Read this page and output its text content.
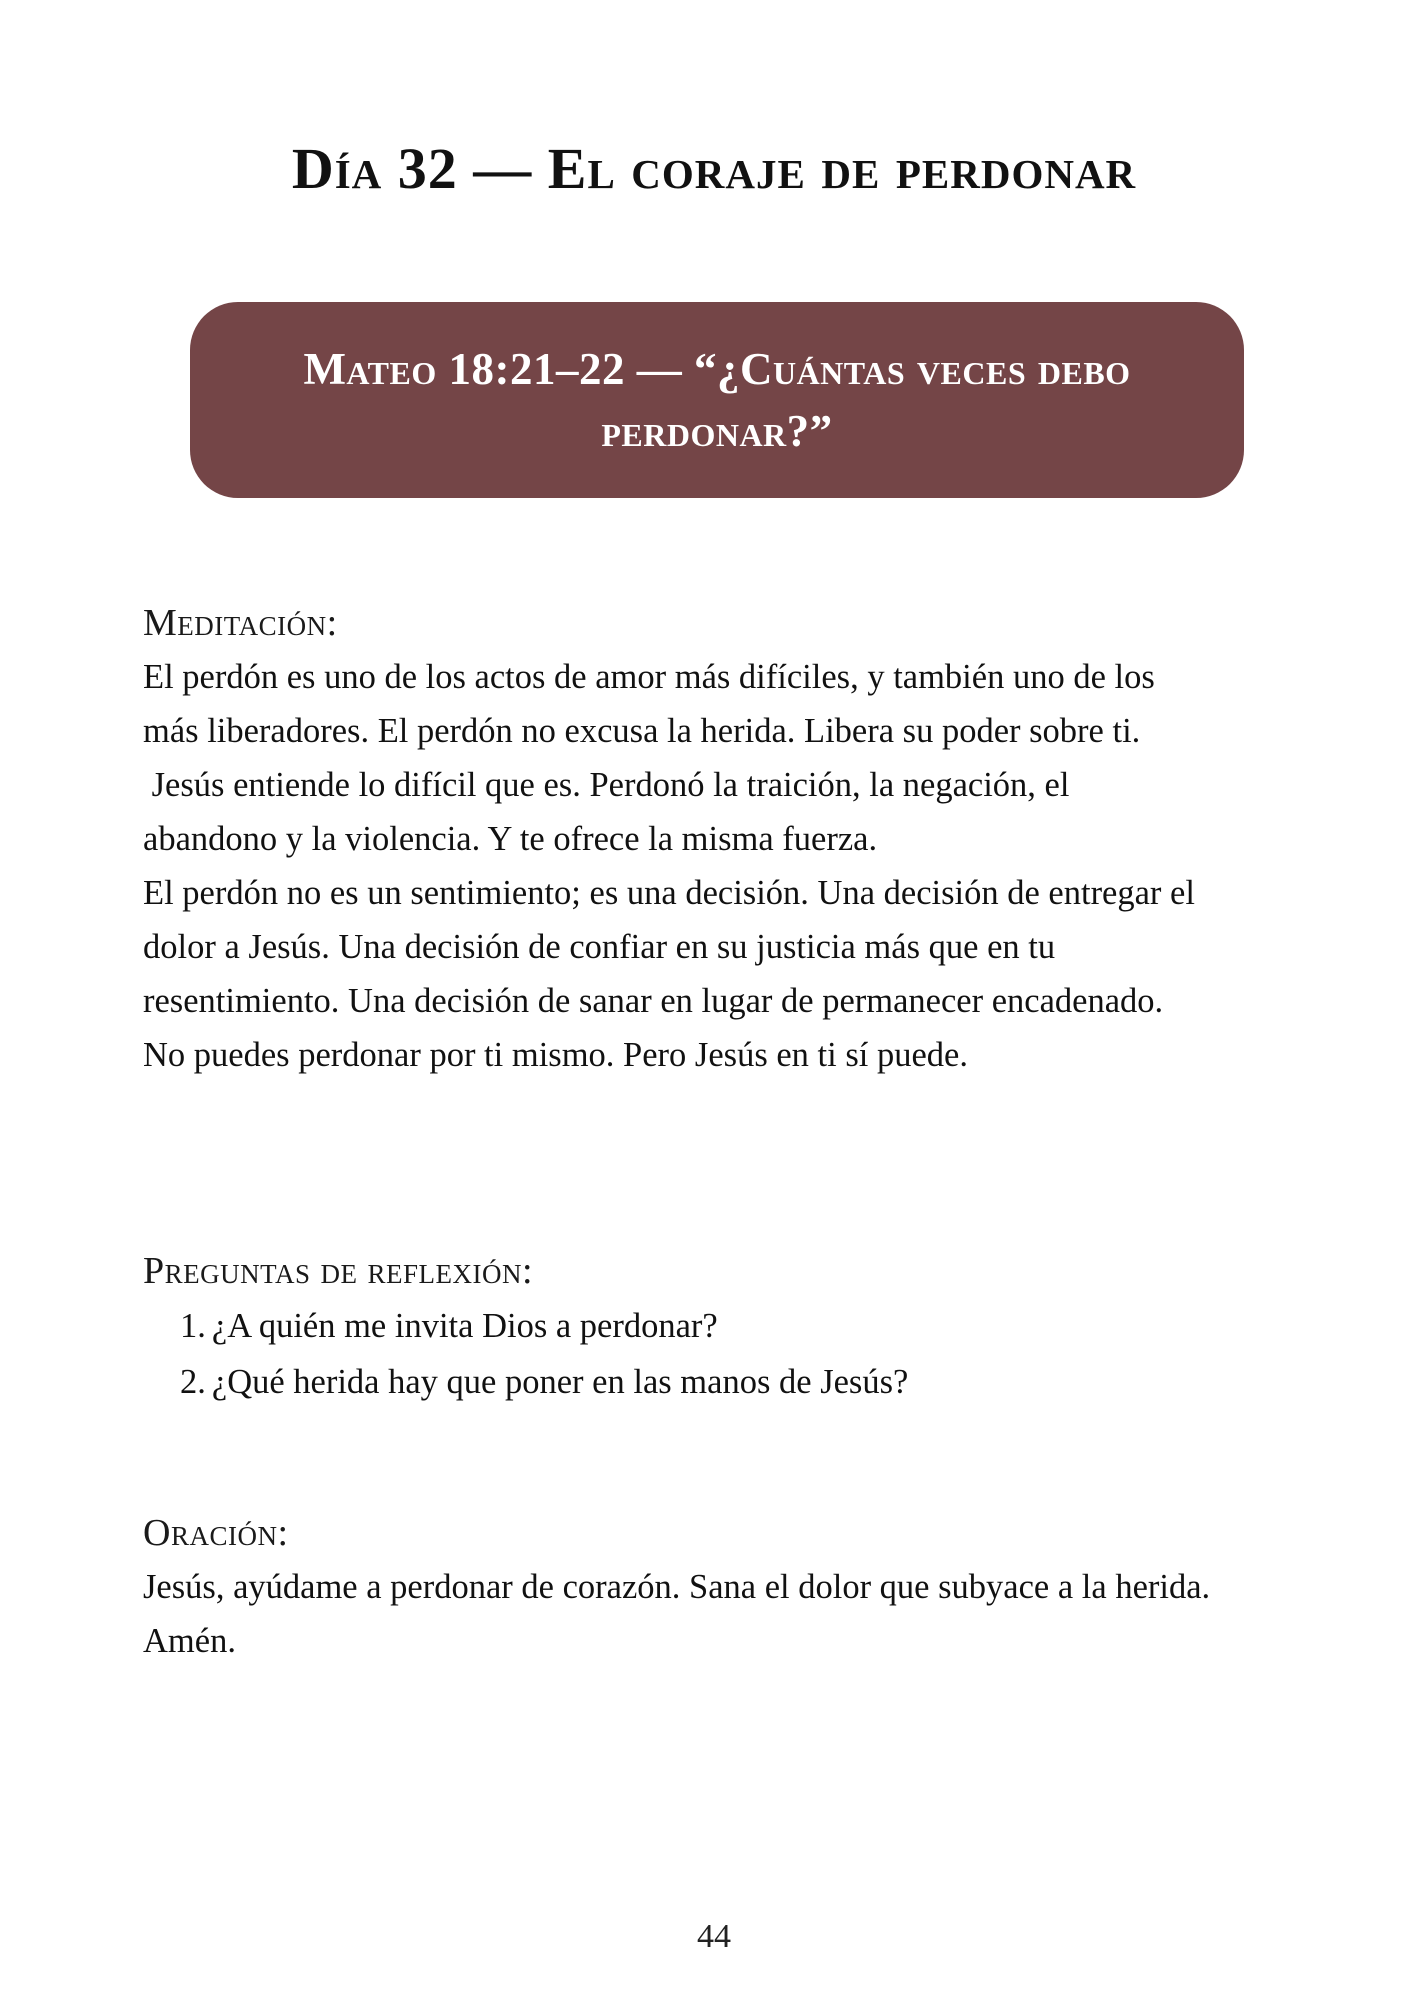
Día 32 — El coraje de perdonar
Mateo 18:21–22 — “¿Cuántas veces debo
perdonar?”
Meditación:
El perdón es uno de los actos de amor más difíciles, y también uno de los
más liberadores. El perdón no excusa la herida. Libera su poder sobre ti.
Jesús entiende lo difícil que es. Perdonó la traición, la negación, el
abandono y la violencia. Y te ofrece la misma fuerza.
El perdón no es un sentimiento; es una decisión. Una decisión de entregar el
dolor a Jesús. Una decisión de confiar en su justicia más que en tu
resentimiento. Una decisión de sanar en lugar de permanecer encadenado.
No puedes perdonar por ti mismo. Pero Jesús en ti sí puede.
Preguntas de reflexión:
1. ¿A quién me invita Dios a perdonar?
2. ¿Qué herida hay que poner en las manos de Jesús?
Oración:
Jesús, ayúdame a perdonar de corazón. Sana el dolor que subyace a la herida.
Amén.
44
